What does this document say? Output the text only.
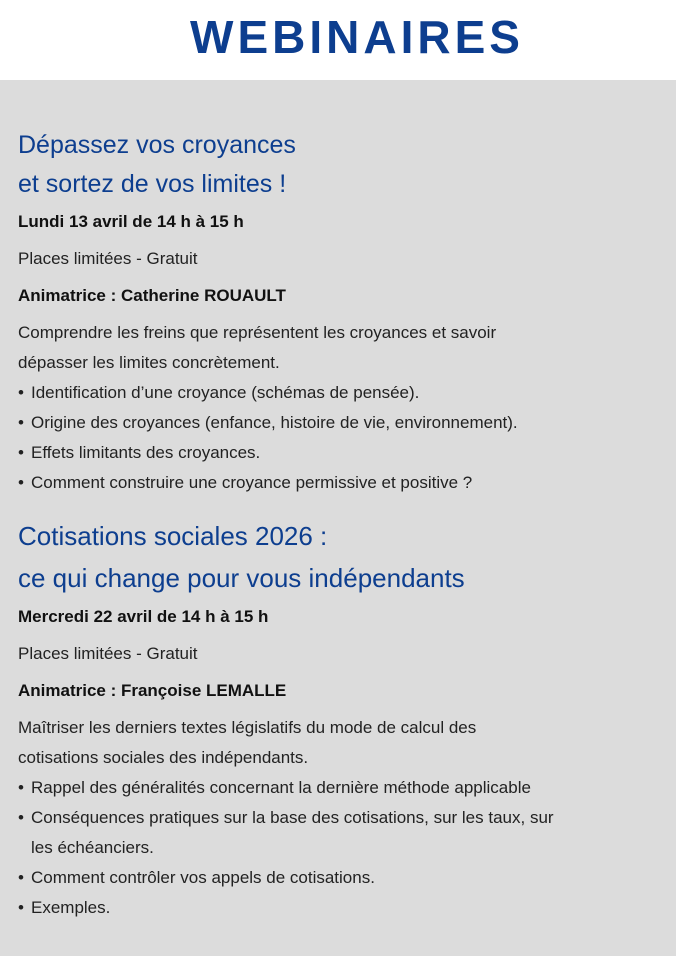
WEBINAIRES
Dépassez vos croyances
et sortez de vos limites !
Lundi 13 avril de 14 h à 15 h
Places limitées - Gratuit
Animatrice : Catherine ROUAULT
Comprendre les freins que représentent les croyances et savoir
dépasser les limites concrètement.
• Identification d’une croyance (schémas de pensée).
• Origine des croyances (enfance, histoire de vie, environnement).
• Effets limitants des croyances.
• Comment construire une croyance permissive et positive ?
Cotisations sociales 2026 :
ce qui change pour vous indépendants
Mercredi 22 avril de 14 h à 15 h
Places limitées - Gratuit
Animatrice : Françoise LEMALLE
Maîtriser les derniers textes législatifs du mode de calcul des
cotisations sociales des indépendants.
• Rappel des généralités concernant la dernière méthode applicable
• Conséquences pratiques sur la base des cotisations, sur les taux, sur
les échéanciers.
• Comment contrôler vos appels de cotisations.
• Exemples.
